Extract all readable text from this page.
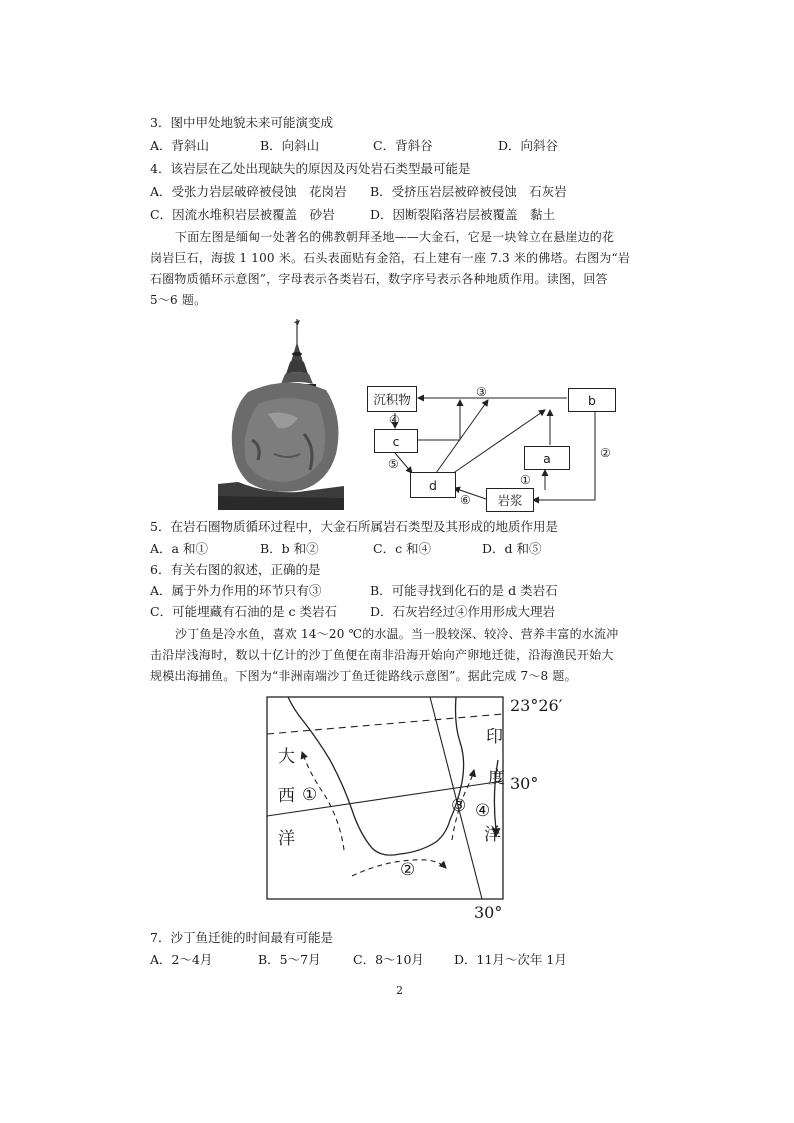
3．图中甲处地貌未来可能演变成
A．背斜山	B．向斜山	C．背斜谷	D．向斜谷
4．该岩层在乙处出现缺失的原因及丙处岩石类型最可能是
A．受张力岩层破碎被侵蚀　花岗岩 B．受挤压岩层被碎被侵蚀　石灰岩
C．因流水堆积岩层被覆盖　砂岩	D．因断裂陷落岩层被覆盖　黏土
下面左图是缅甸一处著名的佛教朝拜圣地——大金石，它是一块耸立在悬崖边的花
岗岩巨石，海拔 1 100 米。石头表面贴有金箔，石上建有一座 7.3 米的佛塔。右图为“岩
石圈物质循环示意图”，字母表示各类岩石，数字序号表示各种地质作用。读图，回答
5～6 题。
沉积物
c
d
岩浆
a
b
③
④
⑤
⑥
①
②
5．在岩石圈物质循环过程中，大金石所属岩石类型及其形成的地质作用是
A．a 和①	B．b 和②	C．c 和④	D．d 和⑤
6．有关右图的叙述，正确的是
A．属于外力作用的环节只有③	B．可能寻找到化石的是 d 类岩石
C．可能埋藏有石油的是 c 类岩石	D．石灰岩经过④作用形成大理岩
沙丁鱼是冷水鱼，喜欢 14～20 ℃的水温。当一股较深、较冷、营养丰富的水流冲
击沿岸浅海时，数以十亿计的沙丁鱼便在南非沿海开始向产卵地迁徙，沿海渔民开始大
规模出海捕鱼。下图为“非洲南端沙丁鱼迁徙路线示意图”。据此完成 7～8 题。
23°26′
30°
30°
大
西
洋
印
度
洋
①
②
③ ④
7．沙丁鱼迁徙的时间最有可能是
A．2～4月	B．5～7月	C．8～10月 D．11月～次年 1月
2
